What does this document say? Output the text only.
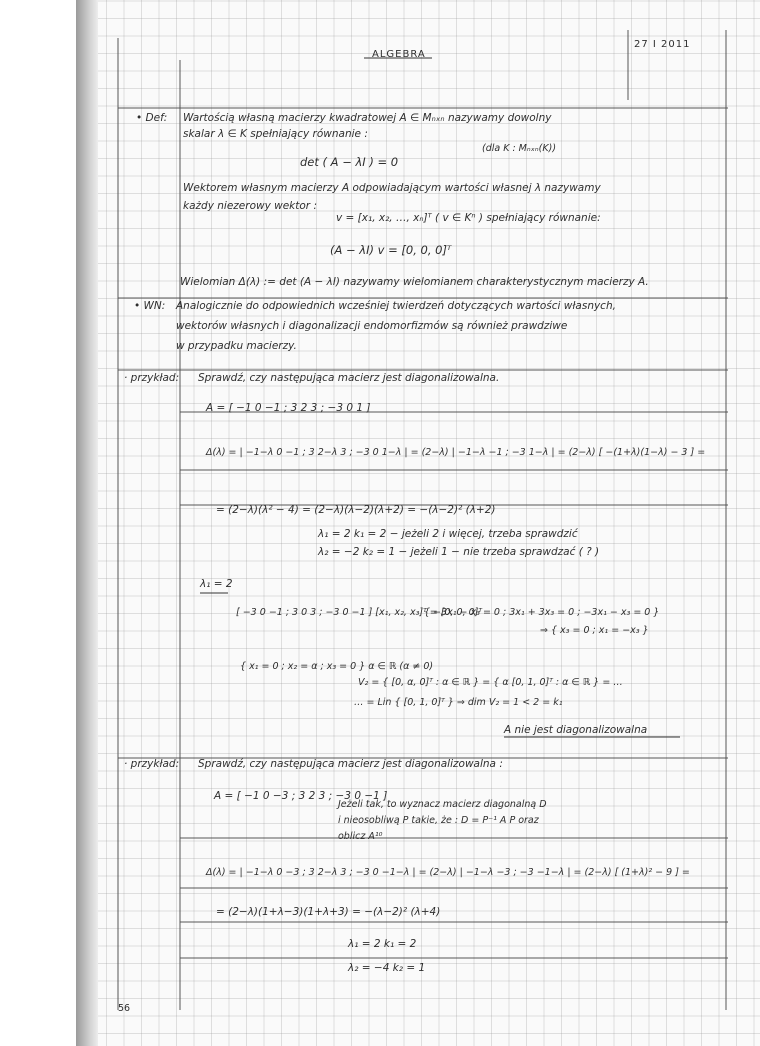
ALGEBRA
27 I 2011
• Def: Wartością własną macierzy kwadratowej A ∈ Mₙₓₙ nazywamy dowolny
skalar λ ∈ K spełniający równanie :
(dla K : Mₙₓₙ(K))
det ( A − λI ) = 0
Wektorem własnym macierzy A odpowiadającym wartości własnej λ nazywamy
każdy niezerowy wektor :
v = [x₁, x₂, …, xₙ]ᵀ ( v ∈ Kⁿ ) spełniający równanie:
(A − λI) v = [0, 0, 0]ᵀ
Wielomian Δ(λ) := det (A − λI) nazywamy wielomianem charakterystycznym macierzy A.
• WN: Analogicznie do odpowiednich wcześniej twierdzeń dotyczących wartości własnych,
wektorów własnych i diagonalizacji endomorfizmów są również prawdziwe
w przypadku macierzy.
· przykład: Sprawdź, czy następująca macierz jest diagonalizowalna.
A = [ −1 0 −1 ; 3 2 3 ; −3 0 1 ]
Δ(λ) = | −1−λ 0 −1 ; 3 2−λ 3 ; −3 0 1−λ | = (2−λ) | −1−λ −1 ; −3 1−λ | = (2−λ) [ −(1+λ)(1−λ) − 3 ] =
= (2−λ)(λ² − 4) = (2−λ)(λ−2)(λ+2) = −(λ−2)² (λ+2)
λ₁ = 2 k₁ = 2 − jeżeli 2 i więcej, trzeba sprawdzić
λ₂ = −2 k₂ = 1 − jeżeli 1 − nie trzeba sprawdzać ( ? )
λ₁ = 2
[ −3 0 −1 ; 3 0 3 ; −3 0 −1 ] [x₁, x₂, x₃]ᵀ = [0, 0, 0]ᵀ
{ −3x₁ − x₃ = 0 ; 3x₁ + 3x₃ = 0 ; −3x₁ − x₃ = 0 }
⇒ { x₃ = 0 ; x₁ = −x₃ }
{ x₁ = 0 ; x₂ = α ; x₃ = 0 } α ∈ ℝ (α ≠ 0)
V₂ = { [0, α, 0]ᵀ : α ∈ ℝ } = { α [0, 1, 0]ᵀ : α ∈ ℝ } = …
… = Lin { [0, 1, 0]ᵀ } ⇒ dim V₂ = 1 < 2 = k₁
A nie jest diagonalizowalna
· przykład: Sprawdź, czy następująca macierz jest diagonalizowalna :
A = [ −1 0 −3 ; 3 2 3 ; −3 0 −1 ]
Jeżeli tak, to wyznacz macierz diagonalną D
i nieosobliwą P takie, że : D = P⁻¹ A P oraz
oblicz A¹⁰
Δ(λ) = | −1−λ 0 −3 ; 3 2−λ 3 ; −3 0 −1−λ | = (2−λ) | −1−λ −3 ; −3 −1−λ | = (2−λ) [ (1+λ)² − 9 ] =
= (2−λ)(1+λ−3)(1+λ+3) = −(λ−2)² (λ+4)
λ₁ = 2 k₁ = 2
λ₂ = −4 k₂ = 1
56
